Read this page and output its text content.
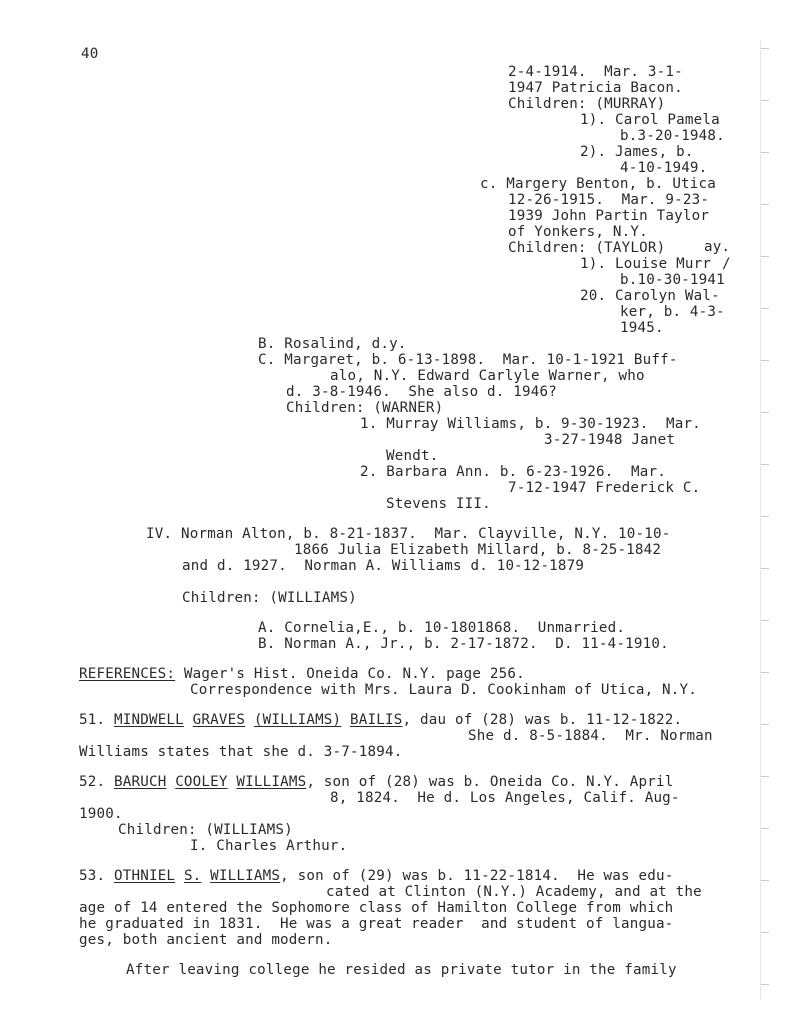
40
2-4-1914.  Mar. 3-1-
1947 Patricia Bacon.
Children: (MURRAY)
1). Carol Pamela
b.3-20-1948.
2). James, b.
4-10-1949.
c. Margery Benton, b. Utica
12-26-1915.  Mar. 9-23-
1939 John Partin Taylor
of Yonkers, N.Y.
Children: (TAYLOR)	ay.
1). Louise Murr /
b.10-30-1941
20. Carolyn Wal-
ker, b. 4-3-
1945.
B. Rosalind, d.y.
C. Margaret, b. 6-13-1898.  Mar. 10-1-1921 Buff-
alo, N.Y. Edward Carlyle Warner, who
d. 3-8-1946.  She also d. 1946?
Children: (WARNER)
1. Murray Williams, b. 9-30-1923.  Mar.
3-27-1948 Janet
Wendt.
2. Barbara Ann. b. 6-23-1926.  Mar.
7-12-1947 Frederick C.
Stevens III.
IV. Norman Alton, b. 8-21-1837.  Mar. Clayville, N.Y. 10-10-
1866 Julia Elizabeth Millard, b. 8-25-1842
and d. 1927.  Norman A. Williams d. 10-12-1879
Children: (WILLIAMS)
A. Cornelia,E., b. 10-1801868.  Unmarried.
B. Norman A., Jr., b. 2-17-1872.  D. 11-4-1910.
REFERENCES: Wager's Hist. Oneida Co. N.Y. page 256.
Correspondence with Mrs. Laura D. Cookinham of Utica, N.Y.
51. MINDWELL GRAVES (WILLIAMS) BAILIS, dau of (28) was b. 11-12-1822.
She d. 8-5-1884.  Mr. Norman
Williams states that she d. 3-7-1894.
52. BARUCH COOLEY WILLIAMS, son of (28) was b. Oneida Co. N.Y. April
8, 1824.  He d. Los Angeles, Calif. Aug-
1900.
Children: (WILLIAMS)
I. Charles Arthur.
53. OTHNIEL S. WILLIAMS, son of (29) was b. 11-22-1814.  He was edu-
cated at Clinton (N.Y.) Academy, and at the
age of 14 entered the Sophomore class of Hamilton College from which
he graduated in 1831.  He was a great reader  and student of langua-
ges, both ancient and modern.
After leaving college he resided as private tutor in the family
